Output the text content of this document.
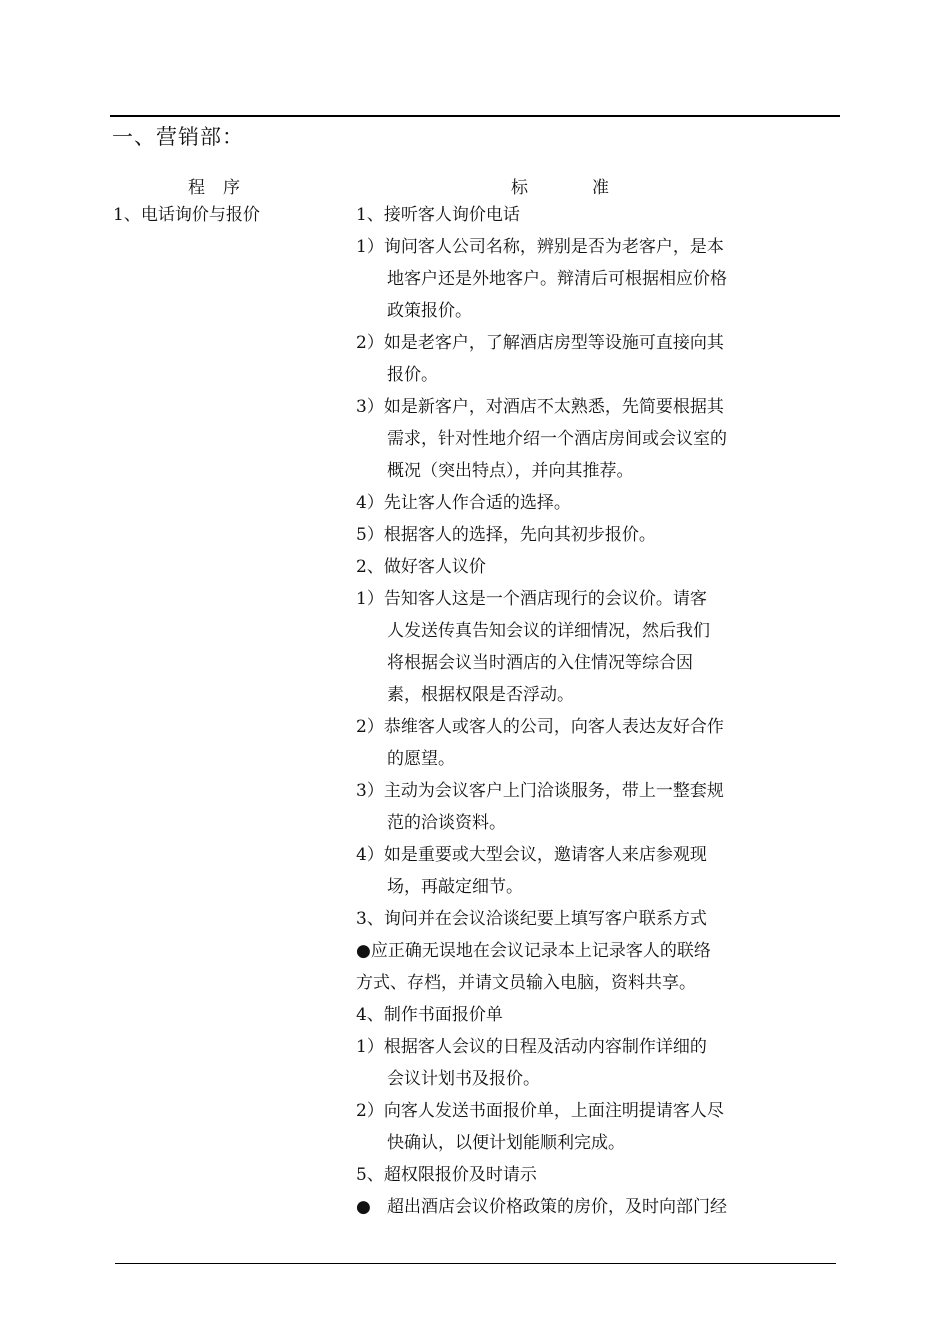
一、营销部：
程序	标准
1、电话询价与报价	1、接听客人询价电话
1）询问客人公司名称，辨别是否为老客户，是本
地客户还是外地客户。辩清后可根据相应价格
政策报价。
2）如是老客户，了解酒店房型等设施可直接向其
报价。
3）如是新客户，对酒店不太熟悉，先简要根据其
需求，针对性地介绍一个酒店房间或会议室的
概况（突出特点），并向其推荐。
4）先让客人作合适的选择。
5）根据客人的选择，先向其初步报价。
2、做好客人议价
1）告知客人这是一个酒店现行的会议价。请客
人发送传真告知会议的详细情况，然后我们
将根据会议当时酒店的入住情况等综合因
素，根据权限是否浮动。
2）恭维客人或客人的公司，向客人表达友好合作
的愿望。
3）主动为会议客户上门洽谈服务，带上一整套规
范的洽谈资料。
4）如是重要或大型会议，邀请客人来店参观现
场，再敲定细节。
3、询问并在会议洽谈纪要上填写客户联系方式
●应正确无误地在会议记录本上记录客人的联络
方式、存档，并请文员输入电脑，资料共享。
4、制作书面报价单
1）根据客人会议的日程及活动内容制作详细的
会议计划书及报价。
2）向客人发送书面报价单，上面注明提请客人尽
快确认，以便计划能顺利完成。
5、超权限报价及时请示
● 超出酒店会议价格政策的房价，及时向部门经
